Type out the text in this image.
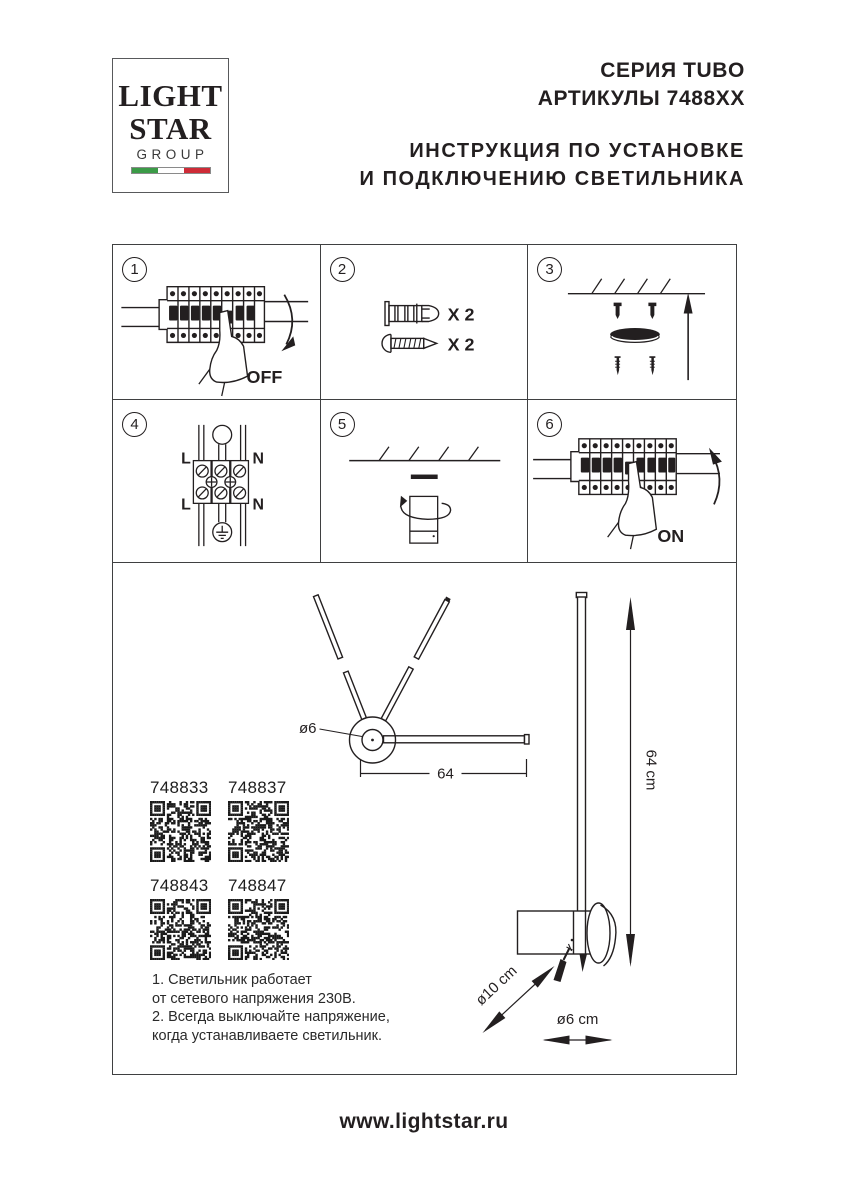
LIGHT
STAR
GROUP
СЕРИЯ TUBO
АРТИКУЛЫ 7488ХХ
ИНСТРУКЦИЯ ПО УСТАНОВКЕ
И ПОДКЛЮЧЕНИЮ СВЕТИЛЬНИКА
1
OFF
2
X 2
X 2
3
4
L	N
L	N
5	6
ON
ø6
64	64 cm
ø10 cm
ø6 cm
748833 748837
748843 748847
1. Светильник работает
от сетевого напряжения 230В.
2. Всегда выключайте напряжение,
когда устанавливаете светильник.
www.lightstar.ru
